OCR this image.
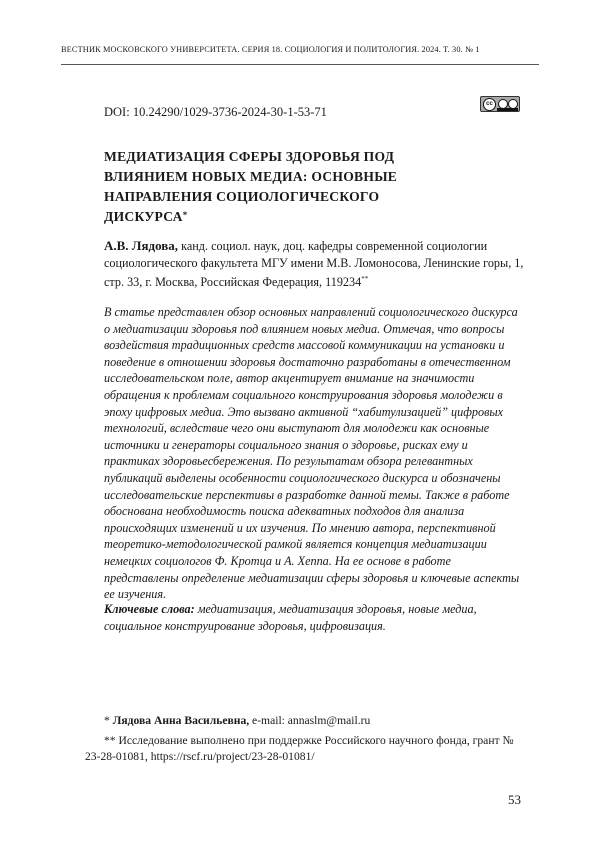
ВЕСТНИК МОСКОВСКОГО УНИВЕРСИТЕТА. СЕРИЯ 18. СОЦИОЛОГИЯ И ПОЛИТОЛОГИЯ. 2024. Т. 30. № 1
DOI: 10.24290/1029-3736-2024-30-1-53-71
cc
МЕДИАТИЗАЦИЯ СФЕРЫ ЗДОРОВЬЯ ПОД ВЛИЯНИЕМ НОВЫХ МЕДИА: ОСНОВНЫЕ НАПРАВЛЕНИЯ СОЦИОЛОГИЧЕСКОГО ДИСКУРСА*
А.В. Лядова, канд. социол. наук, доц. кафедры современной социологии социологического факультета МГУ имени М.В. Ломоносова, Ленинские горы, 1, стр. 33, г. Москва, Российская Федерация, 119234**
В статье представлен обзор основных направлений социологического дискурса о медиатизации здоровья под влиянием новых медиа. Отмечая, что вопросы воздействия традиционных средств массовой коммуникации на установки и поведение в отношении здоровья достаточно разработаны в отечественном исследовательском поле, автор акцентирует внимание на значимости обращения к проблемам социального конструирования здоровья молодежи в эпоху цифровых медиа. Это вызвано активной “хабитулизацией” цифровых технологий, вследствие чего они выступают для молодежи как основные источники и генераторы социального знания о здоровье, рисках ему и практиках здоровьесбережения. По результатам обзора релевантных публикаций выделены особенности социологического дискурса и обозначены исследовательские перспективы в разработке данной темы. Также в работе обоснована необходимость поиска адекватных подходов для анализа происходящих изменений и их изучения. По мнению автора, перспективной теоретико-методологической рамкой является концепция медиатизации немецких социологов Ф. Кротца и А. Хеппа. На ее основе в работе представлены определение медиатизации сферы здоровья и ключевые аспекты ее изучения.
Ключевые слова: медиатизация, медиатизация здоровья, новые медиа, социальное конструирование здоровья, цифровизация.
* Лядова Анна Васильевна, e-mail: annaslm@mail.ru
** Исследование выполнено при поддержке Российского научного фонда, грант № 23-28-01081, https://rscf.ru/project/23-28-01081/
53
